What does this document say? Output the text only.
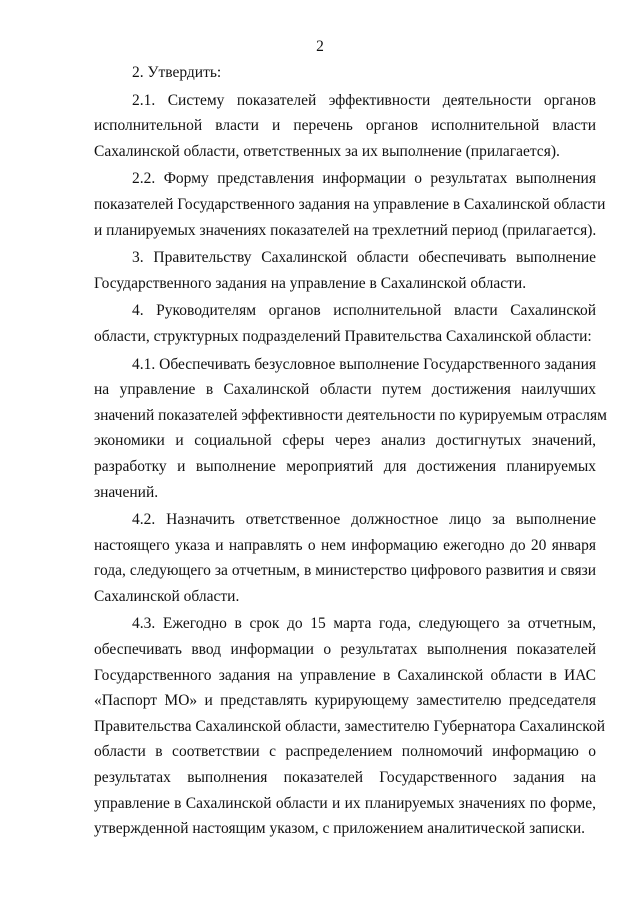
2
2. Утвердить:
2.1. Систему показателей эффективности деятельности органов
исполнительной власти и перечень органов исполнительной власти
Сахалинской области, ответственных за их выполнение (прилагается).
2.2. Форму представления информации о результатах выполнения
показателей Государственного задания на управление в Сахалинской области
и планируемых значениях показателей на трехлетний период (прилагается).
3. Правительству Сахалинской области обеспечивать выполнение
Государственного задания на управление в Сахалинской области.
4. Руководителям органов исполнительной власти Сахалинской
области, структурных подразделений Правительства Сахалинской области:
4.1. Обеспечивать безусловное выполнение Государственного задания
на управление в Сахалинской области путем достижения наилучших
значений показателей эффективности деятельности по курируемым отраслям
экономики и социальной сферы через анализ достигнутых значений,
разработку и выполнение мероприятий для достижения планируемых
значений.
4.2. Назначить ответственное должностное лицо за выполнение
настоящего указа и направлять о нем информацию ежегодно до 20 января
года, следующего за отчетным, в министерство цифрового развития и связи
Сахалинской области.
4.3. Ежегодно в срок до 15 марта года, следующего за отчетным,
обеспечивать ввод информации о результатах выполнения показателей
Государственного задания на управление в Сахалинской области в ИАС
«Паспорт МО» и представлять курирующему заместителю председателя
Правительства Сахалинской области, заместителю Губернатора Сахалинской
области в соответствии с распределением полномочий информацию о
результатах выполнения показателей Государственного задания на
управление в Сахалинской области и их планируемых значениях по форме,
утвержденной настоящим указом, с приложением аналитической записки.
